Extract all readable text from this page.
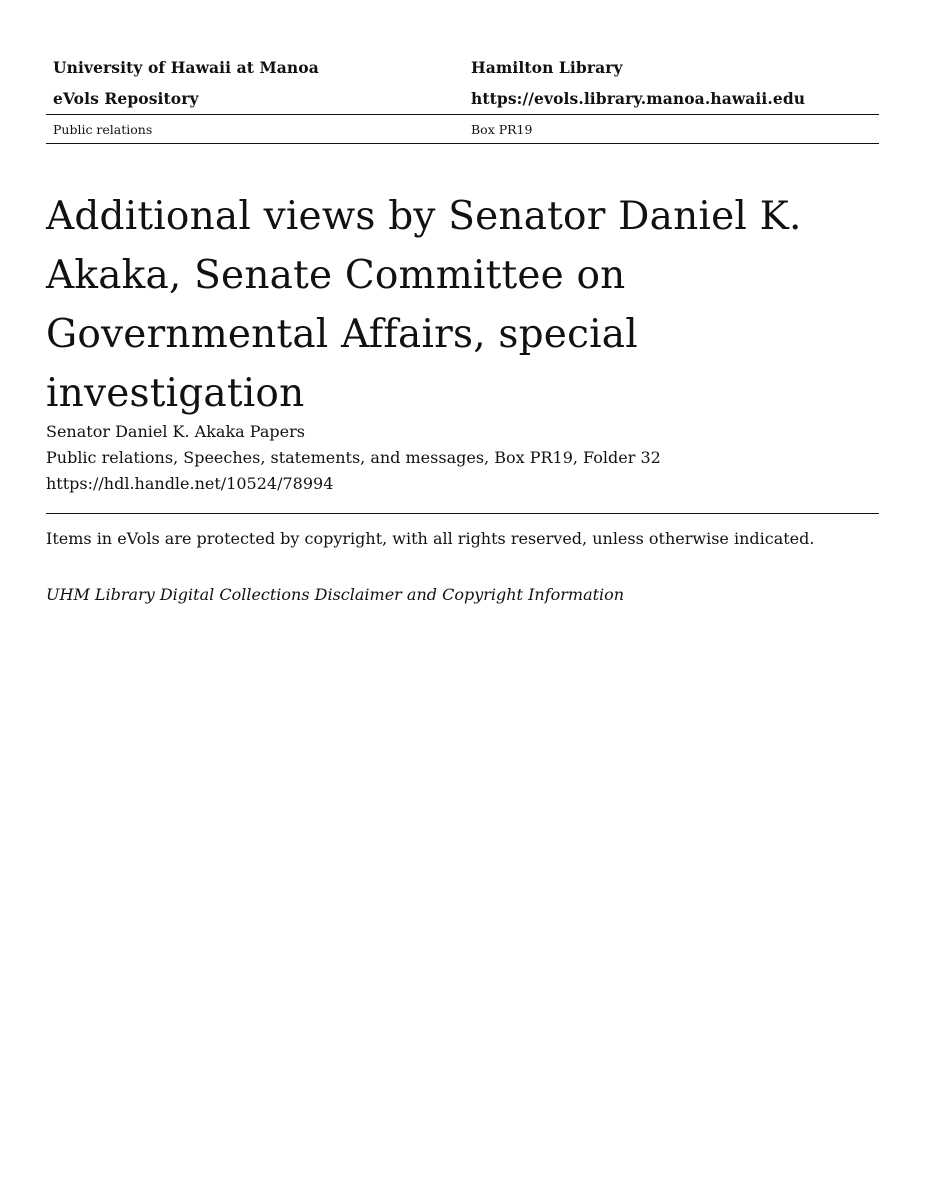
University of Hawaii at Manoa	Hamilton Library
eVols Repository	https://evols.library.manoa.hawaii.edu
Public relations	Box PR19
Additional views by Senator Daniel K.
Akaka, Senate Committee on
Governmental Affairs, special investigation
Senator Daniel K. Akaka Papers
Public relations, Speeches, statements, and messages, Box PR19, Folder 32
https://hdl.handle.net/10524/78994
Items in eVols are protected by copyright, with all rights reserved, unless otherwise indicated.
UHM Library Digital Collections Disclaimer and Copyright Information
